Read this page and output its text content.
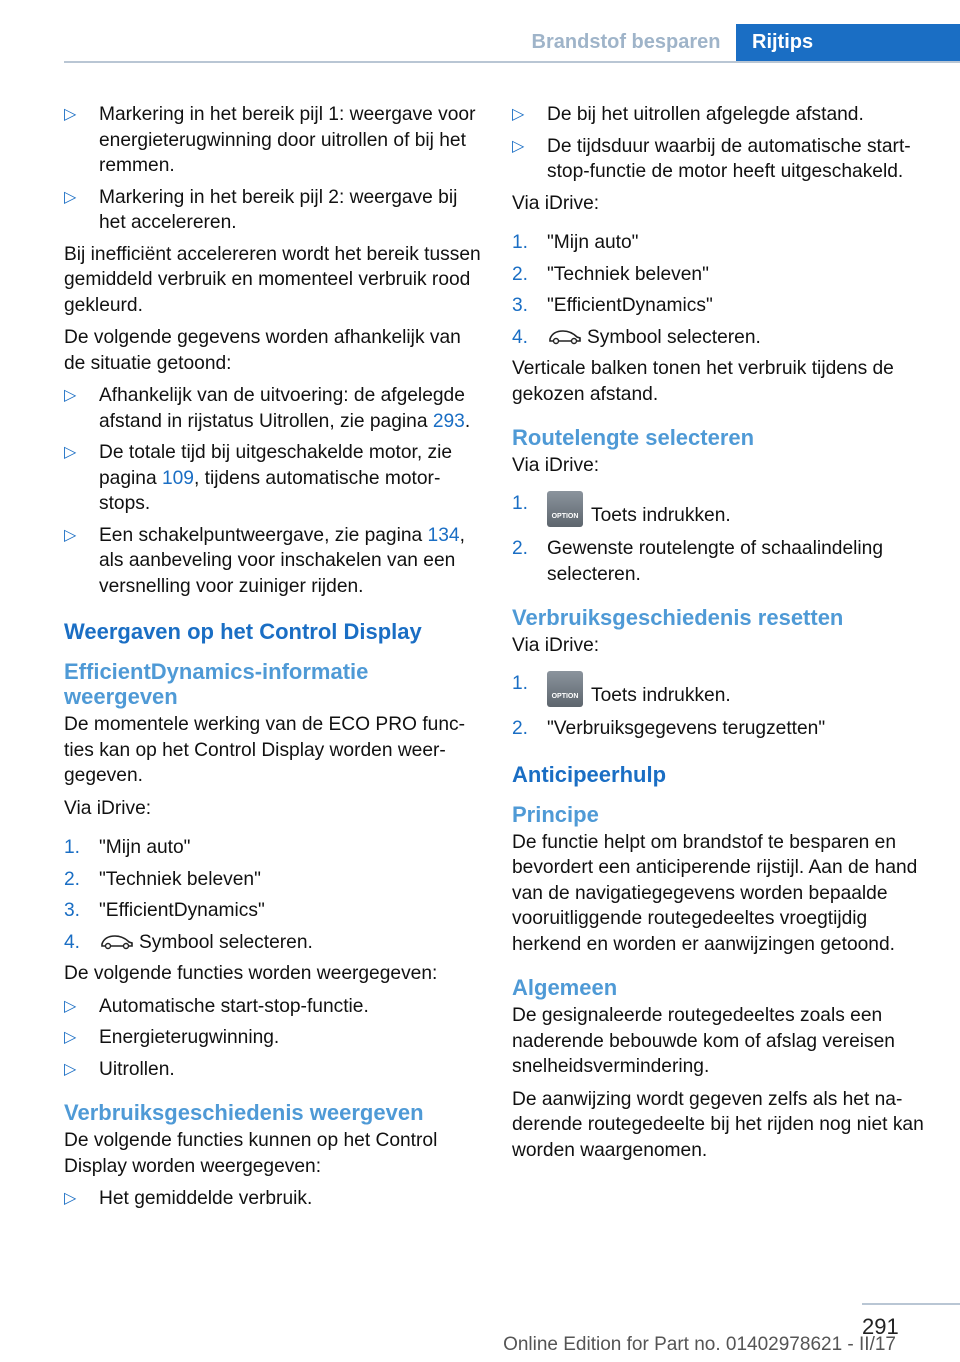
Brandstof besparen	Rijtips
▷ Markering in het bereik pijl 1: weergave voor energieterugwinning door uitrollen of bij het remmen.
▷ Markering in het bereik pijl 2: weergave bij het accelereren.

Bij inefficiënt accelereren wordt het bereik tussen gemiddeld verbruik en momenteel verbruik rood gekleurd.

De volgende gegevens worden afhankelijk van de situatie getoond:

▷ Afhankelijk van de uitvoering: de afgelegde afstand in rijstatus Uitrollen, zie pagina 293.
▷ De totale tijd bij uitgeschakelde motor, zie pagina 109, tijdens automatische motorstops.
▷ Een schakelpuntweergave, zie pagina 134, als aanbeveling voor inschakelen van een versnelling voor zuiniger rijden.
Weergaven op het Control Display
EfficientDynamics-informatie weergeven

De momentele werking van de ECO PRO functies kan op het Control Display worden weergegeven.

Via iDrive:

1. "Mijn auto"
2. "Techniek beleven"
3. "EfficientDynamics"
4.	Symbool selecteren.

De volgende functies worden weergegeven:

▷ Automatische start-stop-functie.
▷ Energieterugwinning.
▷ Uitrollen.
Verbruiksgeschiedenis weergeven

De volgende functies kunnen op het Control Display worden weergegeven:

▷ Het gemiddelde verbruik.
▷ De bij het uitrollen afgelegde afstand.
▷ De tijdsduur waarbij de automatische start-stop-functie de motor heeft uitgeschakeld.

Via iDrive:

1. "Mijn auto"
2. "Techniek beleven"
3. "EfficientDynamics"
4.	Symbool selecteren.

Verticale balken tonen het verbruik tijdens de gekozen afstand.

Routelengte selecteren

Via iDrive:

1.
OPTION Toets indrukken.
2. Gewenste routelengte of schaalindeling selecteren.
Verbruiksgeschiedenis resetten

Via iDrive:

1.
OPTION Toets indrukken.
2. "Verbruiksgegevens terugzetten"
Anticipeerhulp
Principe

De functie helpt om brandstof te besparen en bevordert een anticiperende rijstijl. Aan de hand van de navigatiegegevens worden bepaalde vooruitliggende routegedeeltes vroegtijdig herkend en worden er aanwijzingen getoond.

Algemeen

De gesignaleerde routegedeeltes zoals een naderende bebouwde kom of afslag vereisen snelheidsvermindering.

De aanwijzing wordt gegeven zelfs als het naderende routegedeelte bij het rijden nog niet kan worden waargenomen.

291
Online Edition for Part no. 01402978621 - II/17
